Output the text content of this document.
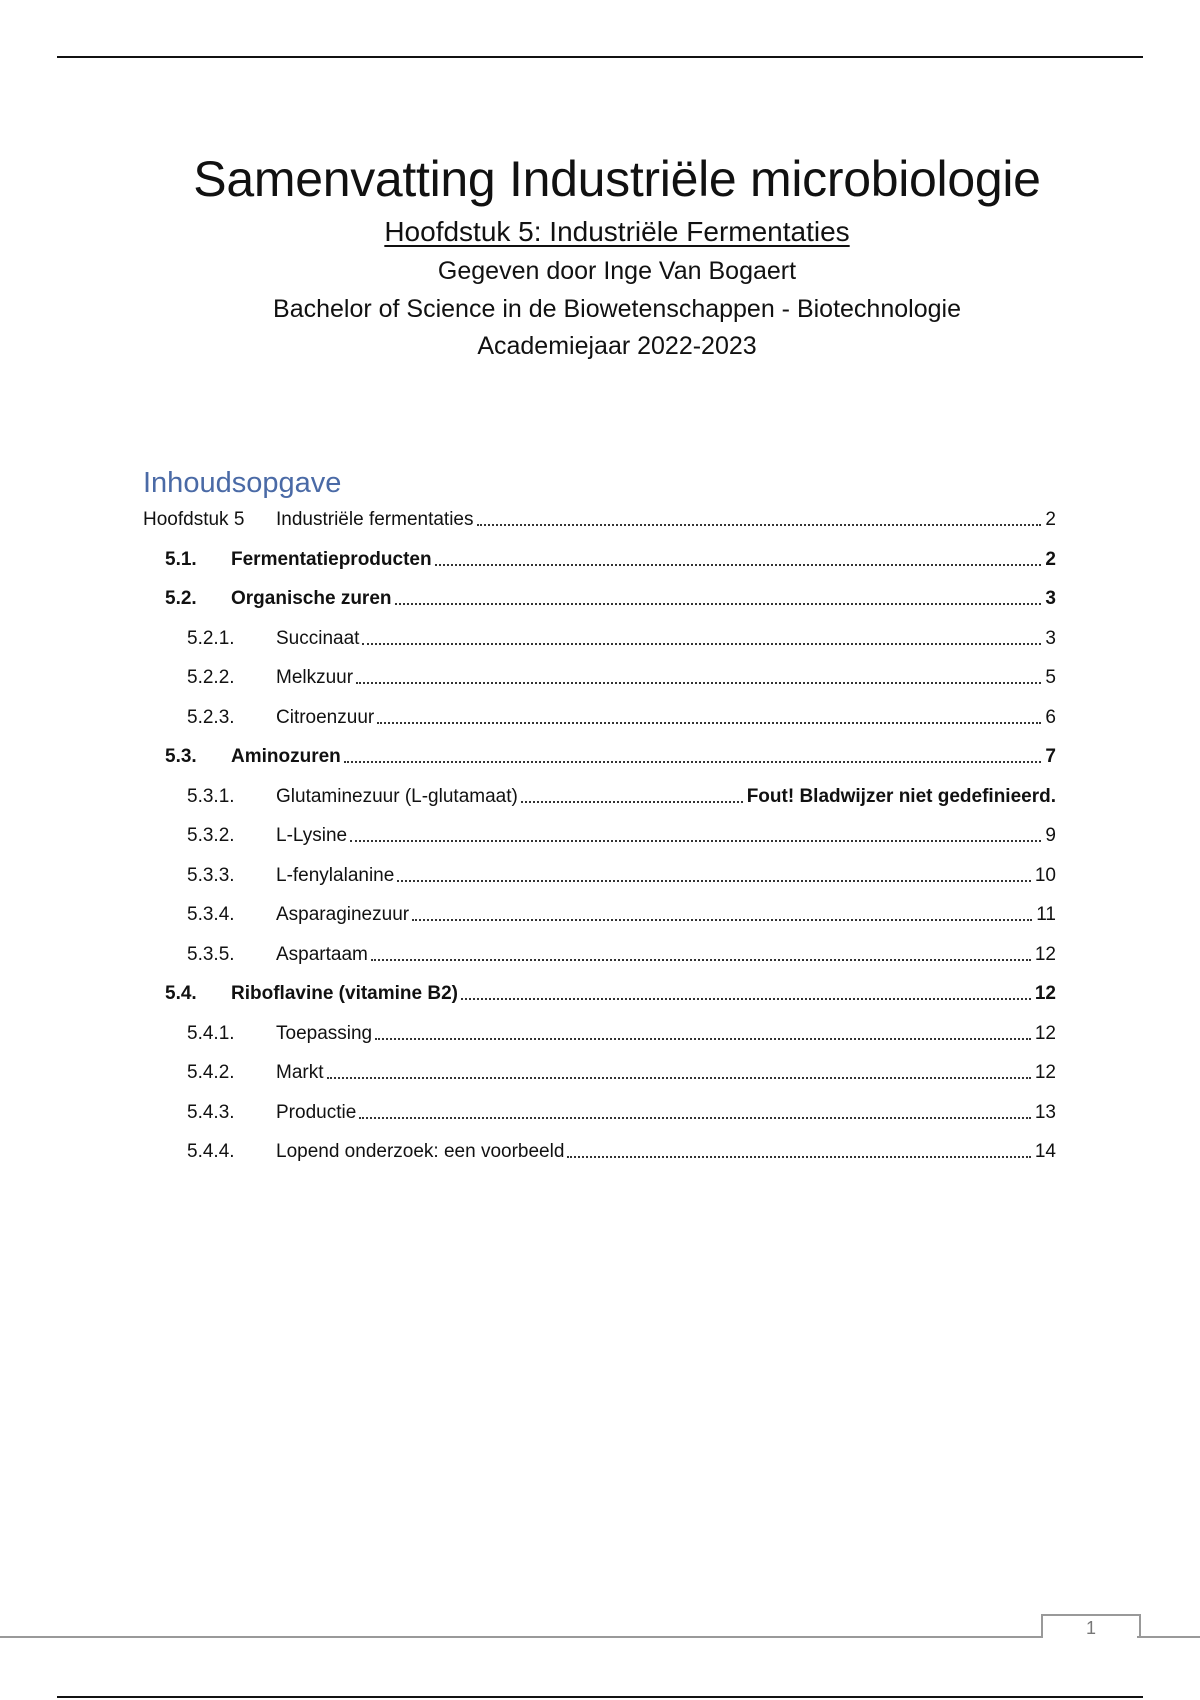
Samenvatting Industriële microbiologie

Hoofdstuk 5: Industriële Fermentaties

Gegeven door Inge Van Bogaert

Bachelor of Science in de Biowetenschappen - Biotechnologie

Academiejaar 2022-2023

Inhoudsopgave
Hoofdstuk 5 Industriële fermentaties	2
5.1. Fermentatieproducten	2
5.2. Organische zuren	3
5.2.1. Succinaat	3
5.2.2. Melkzuur	5
5.2.3. Citroenzuur	6
5.3. Aminozuren	7
5.3.1. Glutaminezuur (L-glutamaat)	Fout! Bladwijzer niet gedefinieerd.
5.3.2. L-Lysine	9
5.3.3. L-fenylalanine	10
5.3.4. Asparaginezuur	11
5.3.5. Aspartaam	12
5.4. Riboflavine (vitamine B2)	12
5.4.1. Toepassing	12
5.4.2. Markt	12
5.4.3. Productie	13
5.4.4. Lopend onderzoek: een voorbeeld	14
1
